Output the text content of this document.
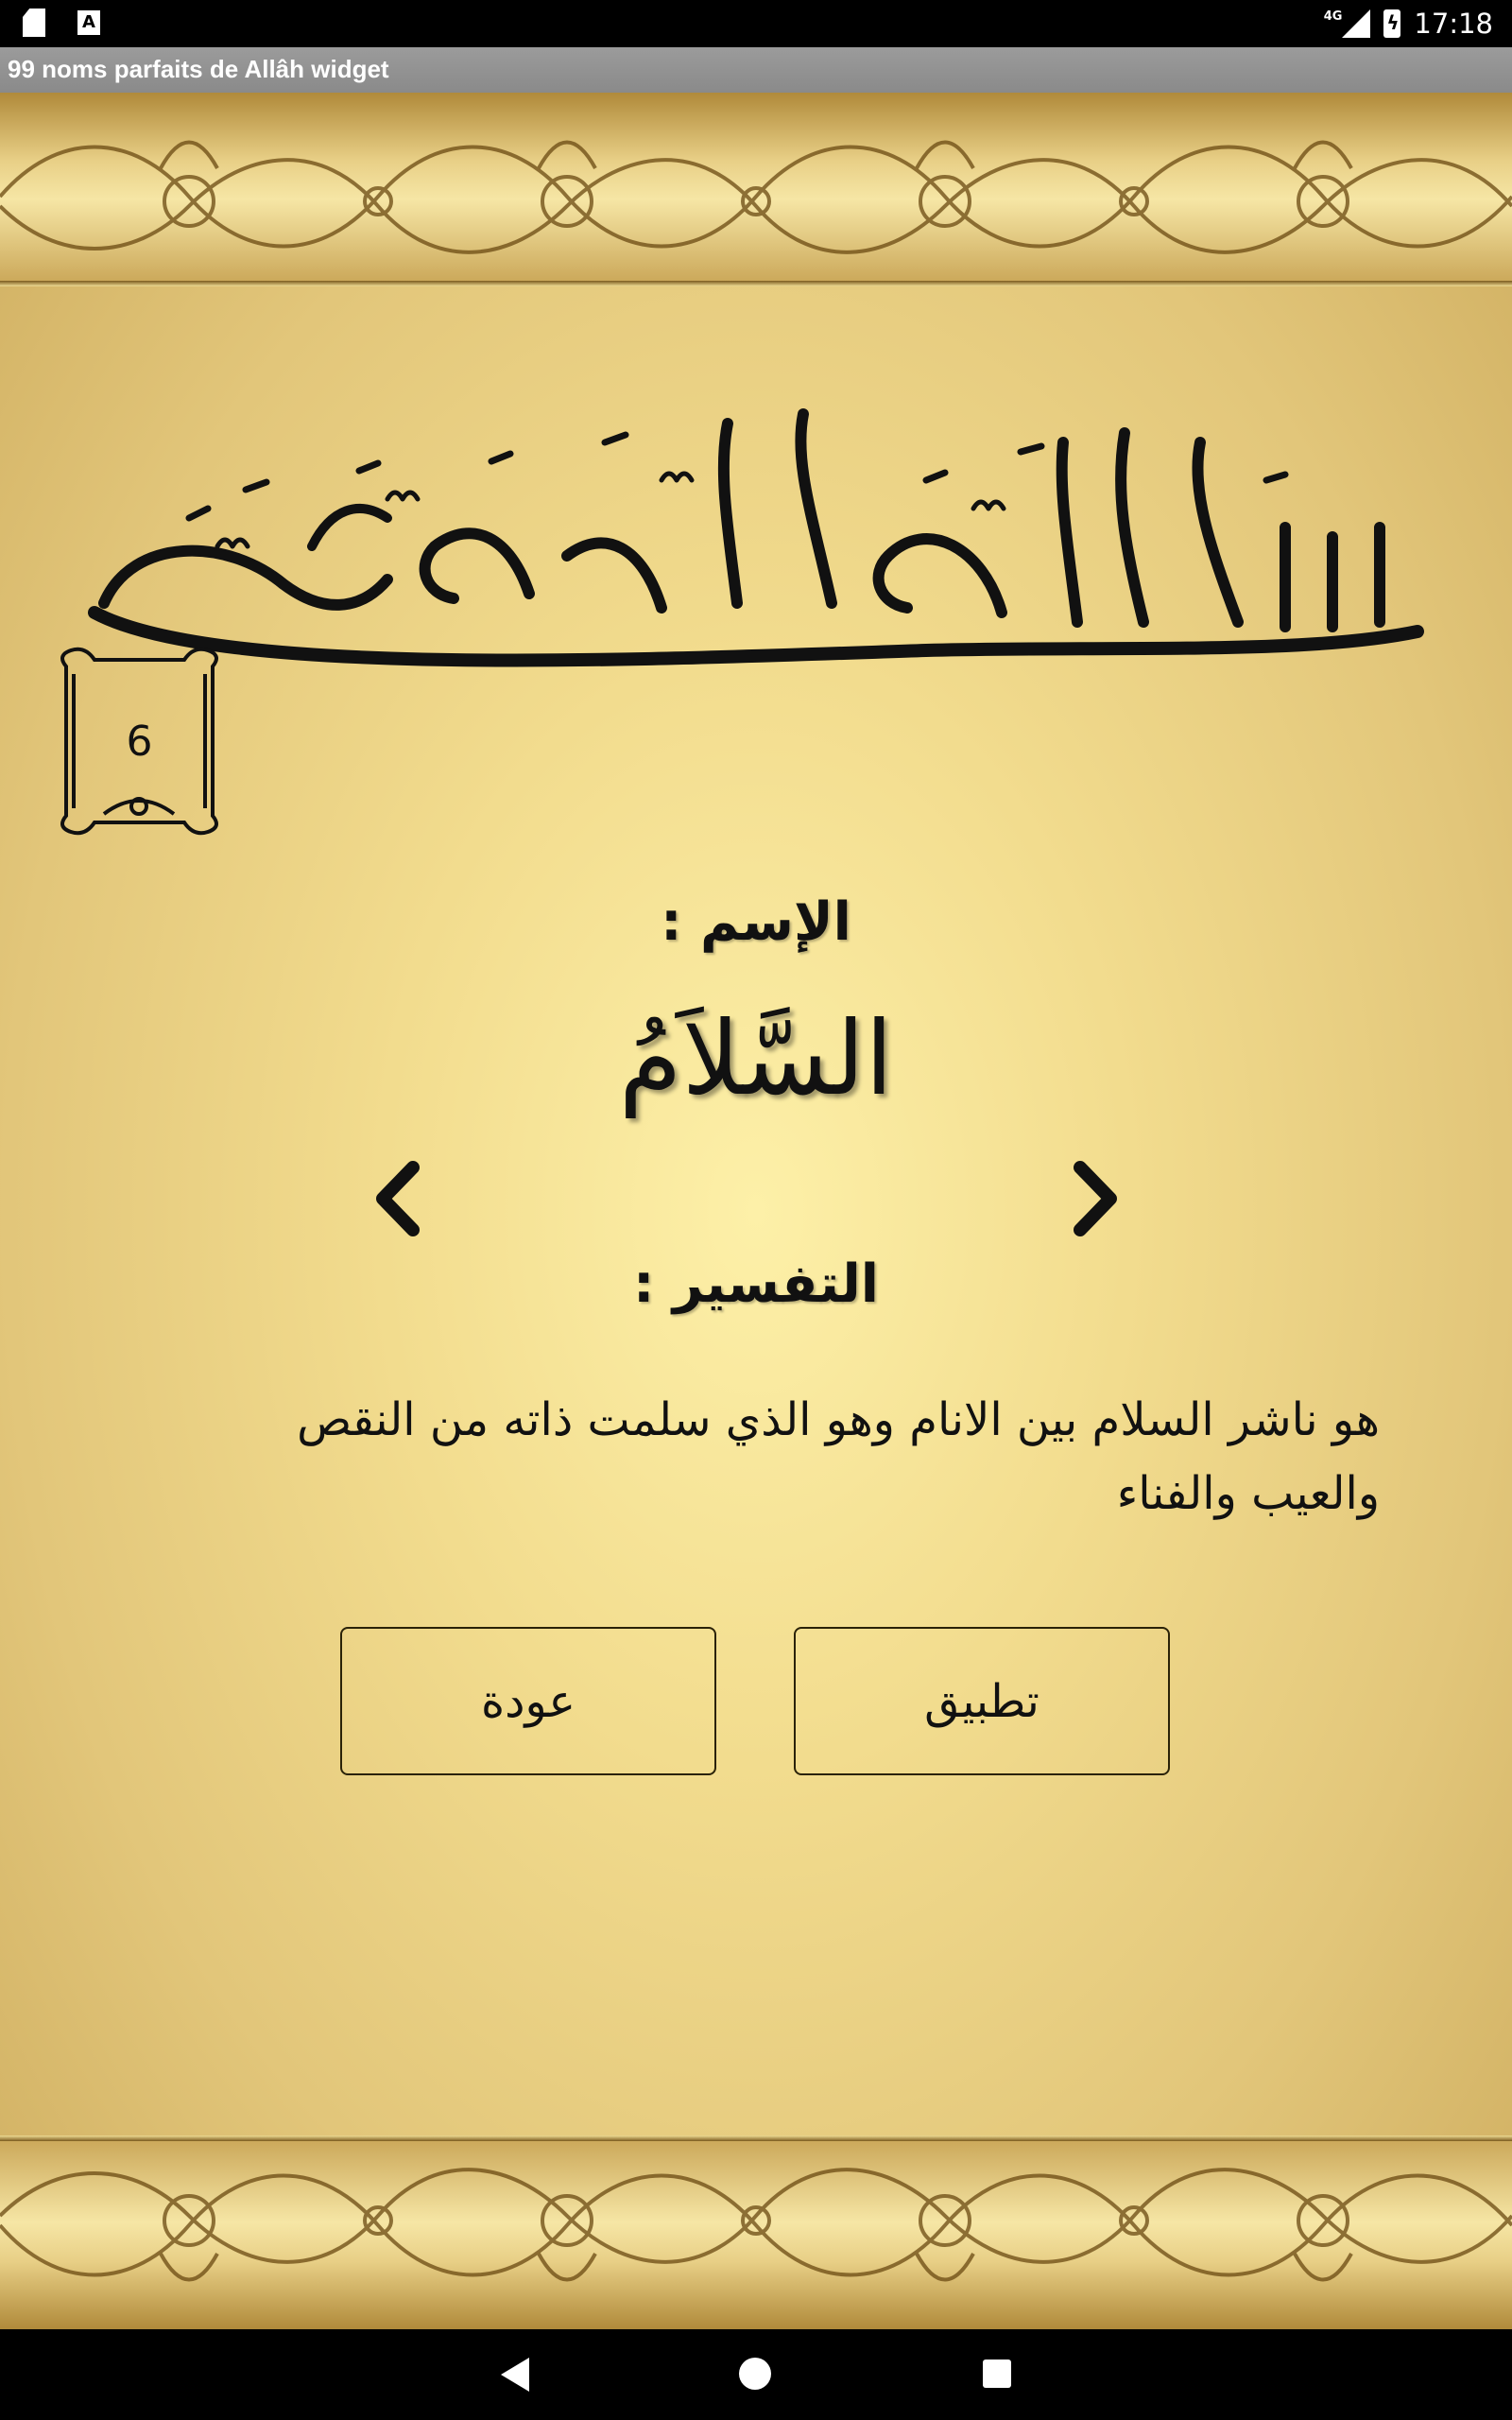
A	4G
ϟ	17:18
99 noms parfaits de Allâh widget
6
الإسم :
السَّلاَمُ
التفسير :
هو ناشر السلام بين الانام وهو الذي سلمت ذاته من النقص والعيب والفناء
عودة	تطبيق
